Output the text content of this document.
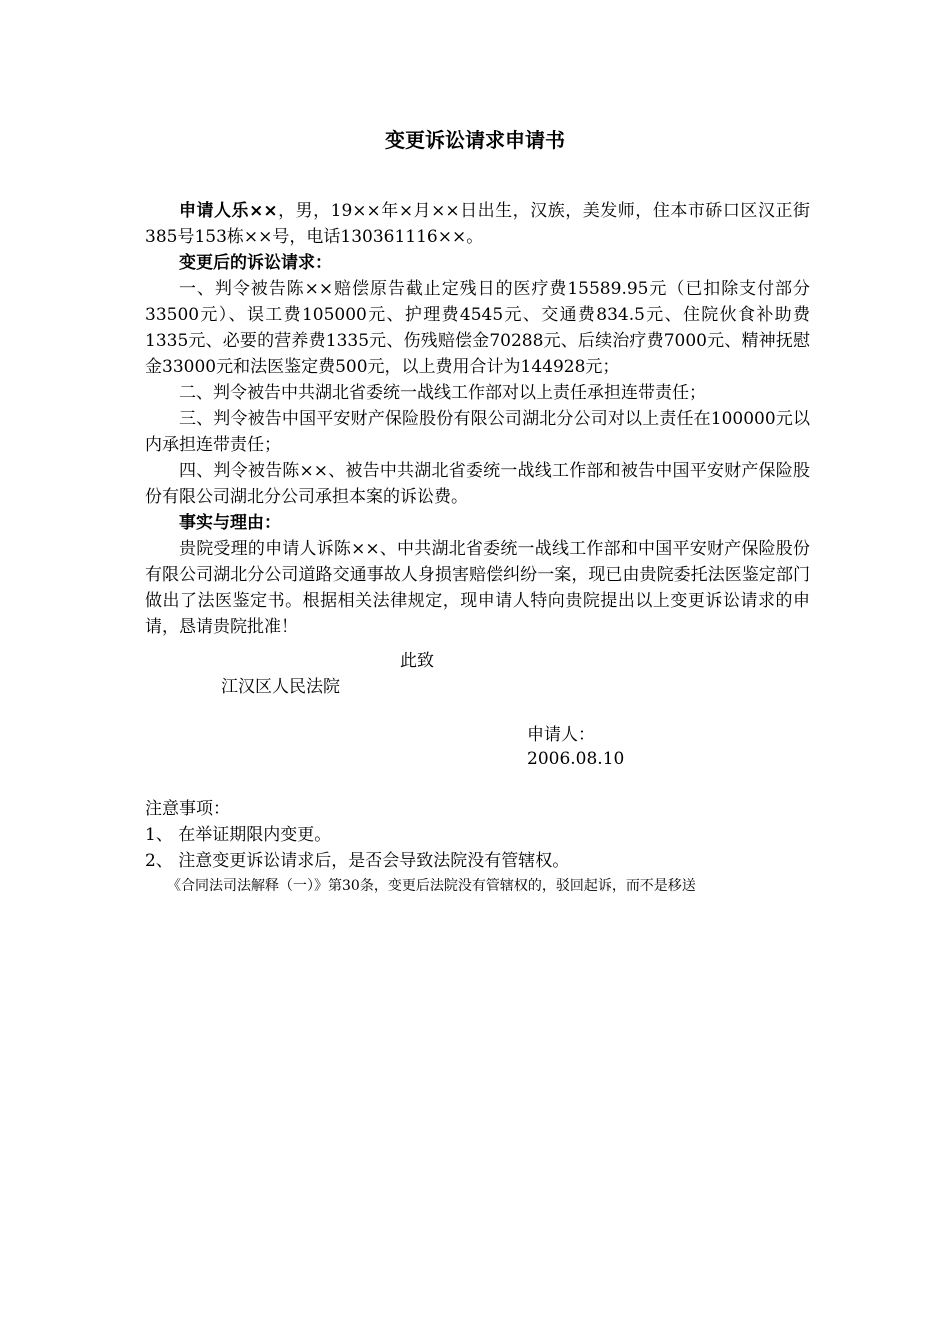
变更诉讼请求申请书

申请人乐××，男，19××年×月××日出生，汉族，美发师，住本市硚口区汉正街385号153栋××号，电话130361116××。

变更后的诉讼请求：

一、判令被告陈××赔偿原告截止定残日的医疗费15589.95元（已扣除支付部分33500元）、误工费105000元、护理费4545元、交通费834.5元、住院伙食补助费1335元、必要的营养费1335元、伤残赔偿金70288元、后续治疗费7000元、精神抚慰金33000元和法医鉴定费500元，以上费用合计为144928元；

二、判令被告中共湖北省委统一战线工作部对以上责任承担连带责任；

三、判令被告中国平安财产保险股份有限公司湖北分公司对以上责任在100000元以内承担连带责任；

四、判令被告陈××、被告中共湖北省委统一战线工作部和被告中国平安财产保险股份有限公司湖北分公司承担本案的诉讼费。

事实与理由：

贵院受理的申请人诉陈××、中共湖北省委统一战线工作部和中国平安财产保险股份有限公司湖北分公司道路交通事故人身损害赔偿纠纷一案，现已由贵院委托法医鉴定部门做出了法医鉴定书。根据相关法律规定，现申请人特向贵院提出以上变更诉讼请求的申请，恳请贵院批准！

此致
江汉区人民法院
申请人：
2006.08.10

注意事项：

1、 在举证期限内变更。

2、 注意变更诉讼请求后，是否会导致法院没有管辖权。

《合同法司法解释（一）》第30条，变更后法院没有管辖权的，驳回起诉，而不是移送
